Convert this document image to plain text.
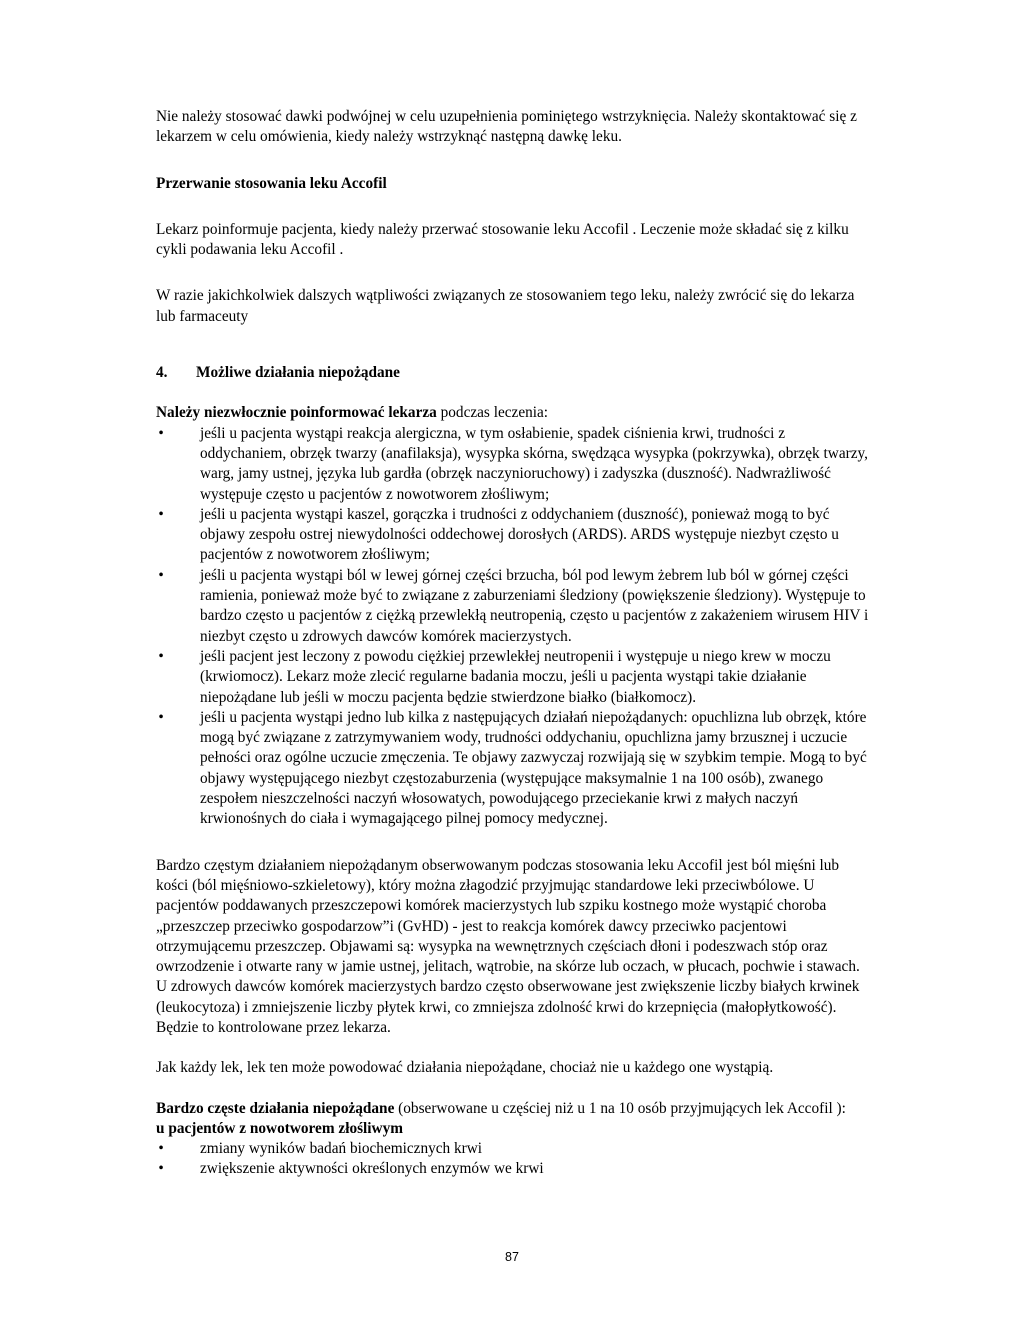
Nie należy stosować dawki podwójnej w celu uzupełnienia pominiętego wstrzyknięcia. Należy skontaktować się z lekarzem w celu omówienia, kiedy należy wstrzyknąć następną dawkę leku.

Przerwanie stosowania leku Accofil

Lekarz poinformuje pacjenta, kiedy należy przerwać stosowanie leku Accofil . Leczenie może składać się z kilku cykli podawania leku Accofil .

W razie jakichkolwiek dalszych wątpliwości związanych ze stosowaniem tego leku, należy zwrócić się do lekarza lub farmaceuty

4.	Możliwe działania niepożądane

Należy niezwłocznie poinformować lekarza podczas leczenia:

• jeśli u pacjenta wystąpi reakcja alergiczna, w tym osłabienie, spadek ciśnienia krwi, trudności z oddychaniem, obrzęk twarzy (anafilaksja), wysypka skórna, swędząca wysypka (pokrzywka), obrzęk twarzy, warg, jamy ustnej, języka lub gardła (obrzęk naczynioruchowy) i zadyszka (duszność). Nadwrażliwość występuje często u pacjentów z nowotworem złośliwym;
• jeśli u pacjenta wystąpi kaszel, gorączka i trudności z oddychaniem (duszność), ponieważ mogą to być objawy zespołu ostrej niewydolności oddechowej dorosłych (ARDS). ARDS występuje niezbyt często u pacjentów z nowotworem złośliwym;
• jeśli u pacjenta wystąpi ból w lewej górnej części brzucha, ból pod lewym żebrem lub ból w górnej części ramienia, ponieważ może być to związane z zaburzeniami śledziony (powiększenie śledziony). Występuje to bardzo często u pacjentów z ciężką przewlekłą neutropenią, często u pacjentów z zakażeniem wirusem HIV i niezbyt często u zdrowych dawców komórek macierzystych.
• jeśli pacjent jest leczony z powodu ciężkiej przewlekłej neutropenii i występuje u niego krew w moczu (krwiomocz). Lekarz może zlecić regularne badania moczu, jeśli u pacjenta wystąpi takie działanie niepożądane lub jeśli w moczu pacjenta będzie stwierdzone białko (białkomocz).
• jeśli u pacjenta wystąpi jedno lub kilka z następujących działań niepożądanych: opuchlizna lub obrzęk, które mogą być związane z zatrzymywaniem wody, trudności oddychaniu, opuchlizna jamy brzusznej i uczucie pełności oraz ogólne uczucie zmęczenia. Te objawy zazwyczaj rozwijają się w szybkim tempie. Mogą to być objawy występującego niezbyt częstozaburzenia (występujące maksymalnie 1 na 100 osób), zwanego zespołem nieszczelności naczyń włosowatych, powodującego przeciekanie krwi z małych naczyń krwionośnych do ciała i wymagającego pilnej pomocy medycznej.

Bardzo częstym działaniem niepożądanym obserwowanym podczas stosowania leku Accofil jest ból mięśni lub kości (ból mięśniowo-szkieletowy), który można złagodzić przyjmując standardowe leki przeciwbólowe. U pacjentów poddawanych przeszczepowi komórek macierzystych lub szpiku kostnego może wystąpić choroba „przeszczep przeciwko gospodarzow”i (GvHD) - jest to reakcja komórek dawcy przeciwko pacjentowi otrzymującemu przeszczep. Objawami są: wysypka na wewnętrznych częściach dłoni i podeszwach stóp oraz owrzodzenie i otwarte rany w jamie ustnej, jelitach, wątrobie, na skórze lub oczach, w płucach, pochwie i stawach. U zdrowych dawców komórek macierzystych bardzo często obserwowane jest zwiększenie liczby białych krwinek (leukocytoza) i zmniejszenie liczby płytek krwi, co zmniejsza zdolność krwi do krzepnięcia (małopłytkowość). Będzie to kontrolowane przez lekarza.

Jak każdy lek, lek ten może powodować działania niepożądane, chociaż nie u każdego one wystąpią.

Bardzo częste działania niepożądane (obserwowane u częściej niż u 1 na 10 osób przyjmujących lek Accofil ):

u pacjentów z nowotworem złośliwym

• zmiany wyników badań biochemicznych krwi
• zwiększenie aktywności określonych enzymów we krwi
87
